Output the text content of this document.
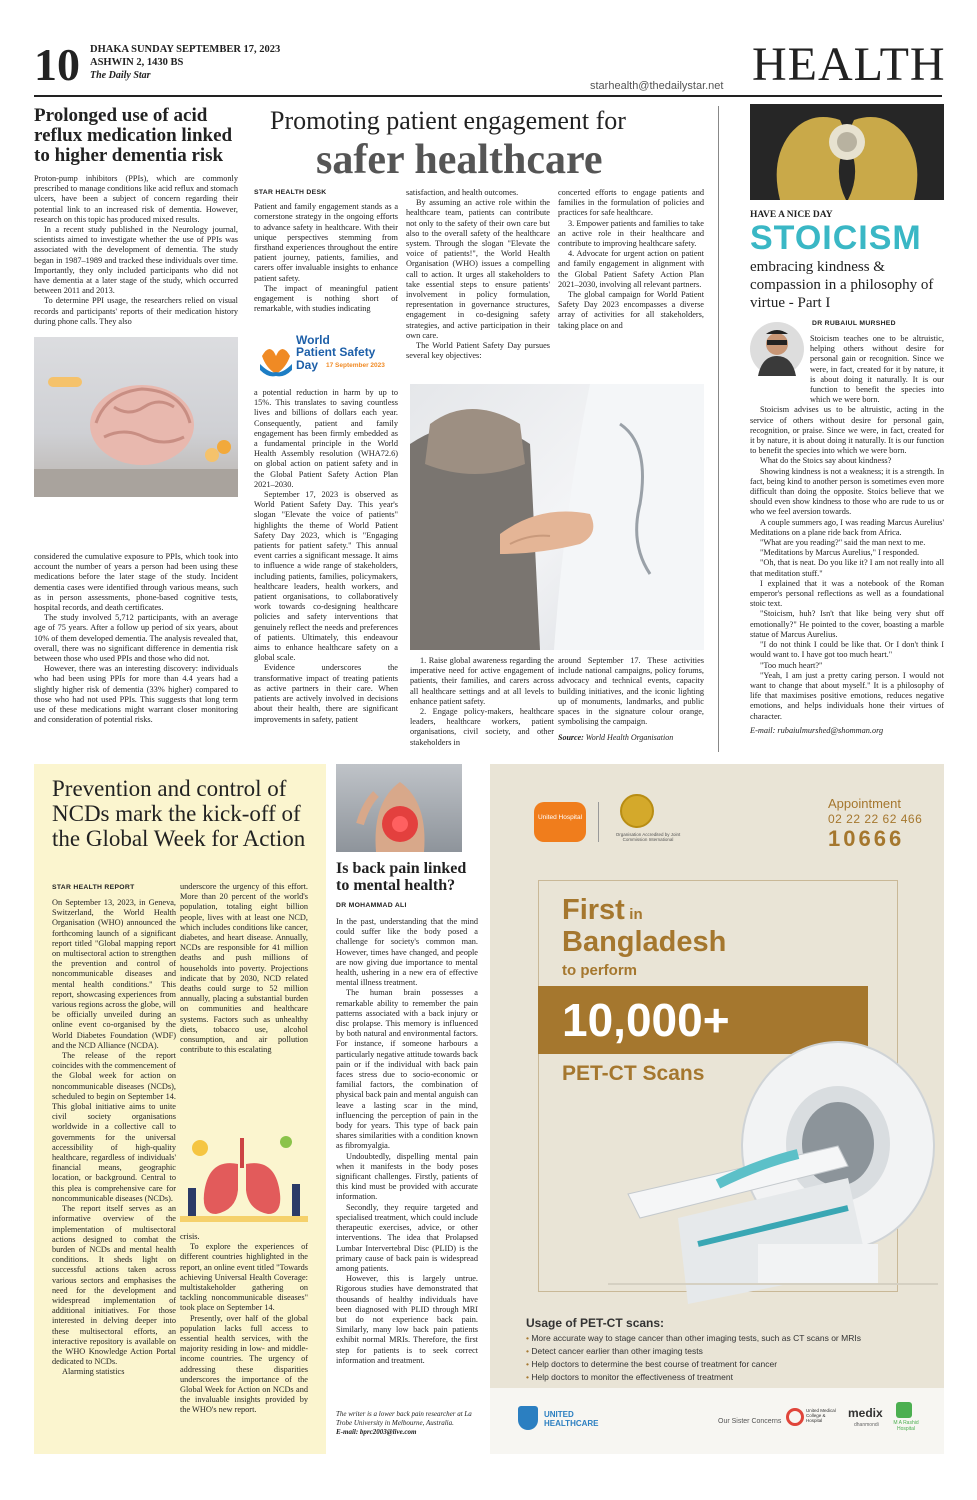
10 DHAKA SUNDAY SEPTEMBER 17, 2023
ASHWIN 2, 1430 BS
The Daily Star
starhealth@thedailystar.net HEALTH
Prolonged use of acid reflux medication linked to higher dementia risk

Proton-pump inhibitors (PPIs), which are commonly prescribed to manage conditions like acid reflux and stomach ulcers, have been a subject of concern regarding their potential link to an increased risk of dementia. However, research on this topic has produced mixed results.

In a recent study published in the Neurology journal, scientists aimed to investigate whether the use of PPIs was associated with the development of dementia. The study began in 1987–1989 and tracked these individuals over time. Importantly, they only included participants who did not have dementia at a later stage of the study, which occurred between 2011 and 2013.

To determine PPI usage, the researchers relied on visual records and participants' reports of their medication history during phone calls. They also

considered the cumulative exposure to PPIs, which took into account the number of years a person had been using these medications before the later stage of the study. Incident dementia cases were identified through various means, such as in person assessments, phone-based cognitive tests, hospital records, and death certificates.

The study involved 5,712 participants, with an average age of 75 years. After a follow up period of six years, about 10% of them developed dementia. The analysis revealed that, overall, there was no significant difference in dementia risk between those who used PPIs and those who did not.

However, there was an interesting discovery: individuals who had been using PPIs for more than 4.4 years had a slightly higher risk of dementia (33% higher) compared to those who had not used PPIs. This suggests that long term use of these medications might warrant closer monitoring and consideration of potential risks.

Promoting patient engagement for
safer healthcare
STAR HEALTH DESK

Patient and family engagement stands as a cornerstone strategy in the ongoing efforts to advance safety in healthcare. With their unique perspectives stemming from firsthand experiences throughout the entire patient journey, patients, families, and carers offer invaluable insights to enhance patient safety.

The impact of meaningful patient engagement is nothing short of remarkable, with studies indicating

World
Patient Safety
Day 17 September 2023

satisfaction, and health outcomes.

By assuming an active role within the healthcare team, patients can contribute not only to the safety of their own care but also to the overall safety of the healthcare system. Through the slogan "Elevate the voice of patients!", the World Health Organisation (WHO) issues a compelling call to action. It urges all stakeholders to take essential steps to ensure patients' involvement in policy formulation, representation in governance structures, engagement in co-designing safety strategies, and active participation in their own care.

The World Patient Safety Day pursues several key objectives:

concerted efforts to engage patients and families in the formulation of policies and practices for safe healthcare.

3. Empower patients and families to take an active role in their healthcare and contribute to improving healthcare safety.

4. Advocate for urgent action on patient and family engagement in alignment with the Global Patient Safety Action Plan 2021–2030, involving all relevant partners.

The global campaign for World Patient Safety Day 2023 encompasses a diverse array of activities for all stakeholders, taking place on and

a potential reduction in harm by up to 15%. This translates to saving countless lives and billions of dollars each year. Consequently, patient and family engagement has been firmly embedded as a fundamental principle in the World Health Assembly resolution (WHA72.6) on global action on patient safety and in the Global Patient Safety Action Plan 2021–2030.

September 17, 2023 is observed as World Patient Safety Day. This year's slogan "Elevate the voice of patients" highlights the theme of World Patient Safety Day 2023, which is "Engaging patients for patient safety." This annual event carries a significant message. It aims to influence a wide range of stakeholders, including patients, families, policymakers, healthcare leaders, health workers, and patient organisations, to collaboratively work towards co-designing healthcare policies and safety interventions that genuinely reflect the needs and preferences of patients. Ultimately, this endeavour aims to enhance healthcare safety on a global scale.

Evidence underscores the transformative impact of treating patients as active partners in their care. When patients are actively involved in decisions about their health, there are significant improvements in safety, patient

1. Raise global awareness regarding the imperative need for active engagement of patients, their families, and carers across all healthcare settings and at all levels to enhance patient safety.

2. Engage policy-makers, healthcare leaders, healthcare workers, patient organisations, civil society, and other stakeholders in

around September 17. These activities include national campaigns, policy forums, advocacy and technical events, capacity building initiatives, and the iconic lighting up of monuments, landmarks, and public spaces in the signature colour orange, symbolising the campaign.

Source: World Health Organisation
HAVE A NICE DAY
STOICISM
embracing kindness & compassion in a philosophy of virtue - Part I
DR RUBAIUL MURSHED

Stoicism teaches one to be altruistic, helping others without desire for personal gain or recognition. Since we were, in fact, created for it by nature, it is about doing it naturally. It is our function to benefit the species into which we were born.

Stoicism advises us to be altruistic, acting in the service of others without desire for personal gain, recognition, or praise. Since we were, in fact, created for it by nature, it is about doing it naturally. It is our function to benefit the species into which we were born.

What do the Stoics say about kindness?

Showing kindness is not a weakness; it is a strength. In fact, being kind to another person is sometimes even more difficult than doing the opposite. Stoics believe that we should even show kindness to those who are rude to us or who we feel aversion towards.

A couple summers ago, I was reading Marcus Aurelius' Meditations on a plane ride back from Africa.

"What are you reading?" said the man next to me.

"Meditations by Marcus Aurelius," I responded.

"Oh, that is neat. Do you like it? I am not really into all that meditation stuff."

I explained that it was a notebook of the Roman emperor's personal reflections as well as a foundational stoic text.

"Stoicism, huh? Isn't that like being very shut off emotionally?" He pointed to the cover, boasting a marble statue of Marcus Aurelius.

"I do not think I could be like that. Or I don't think I would want to. I have got too much heart."

"Too much heart?"

"Yeah, I am just a pretty caring person. I would not want to change that about myself." It is a philosophy of life that maximises positive emotions, reduces negative emotions, and helps individuals hone their virtues of character.

E-mail: rubaiulmurshed@shomman.org
Prevention and control of NCDs mark the kick-off of the Global Week for Action
STAR HEALTH REPORT

On September 13, 2023, in Geneva, Switzerland, the World Health Organisation (WHO) announced the forthcoming launch of a significant report titled "Global mapping report on multisectoral action to strengthen the prevention and control of noncommunicable diseases and mental health conditions." This report, showcasing experiences from various regions across the globe, will be officially unveiled during an online event co-organised by the World Diabetes Foundation (WDF) and the NCD Alliance (NCDA).

The release of the report coincides with the commencement of the Global week for action on noncommunicable diseases (NCDs), scheduled to begin on September 14. This global initiative aims to unite civil society organisations worldwide in a collective call to governments for the universal accessibility of high-quality healthcare, regardless of individuals' financial means, geographic location, or background. Central to this plea is comprehensive care for noncommunicable diseases (NCDs).

The report itself serves as an informative overview of the implementation of multisectoral actions designed to combat the burden of NCDs and mental health conditions. It sheds light on successful actions taken across various sectors and emphasises the need for the development and widespread implementation of additional initiatives. For those interested in delving deeper into these multisectoral efforts, an interactive repository is available on the WHO Knowledge Action Portal dedicated to NCDs.

Alarming statistics

underscore the urgency of this effort. More than 20 percent of the world's population, totaling eight billion people, lives with at least one NCD, which includes conditions like cancer, diabetes, and heart disease. Annually, NCDs are responsible for 41 million deaths and push millions of households into poverty. Projections indicate that by 2030, NCD related deaths could surge to 52 million annually, placing a substantial burden on communities and healthcare systems. Factors such as unhealthy diets, tobacco use, alcohol consumption, and air pollution contribute to this escalating

crisis.

To explore the experiences of different countries highlighted in the report, an online event titled "Towards achieving Universal Health Coverage: multistakeholder gathering on tackling noncommunicable diseases" took place on September 14.

Presently, over half of the global population lacks full access to essential health services, with the majority residing in low- and middle-income countries. The urgency of addressing these disparities underscores the importance of the Global Week for Action on NCDs and the invaluable insights provided by the WHO's new report.

Is back pain linked to mental health?
DR MOHAMMAD ALI

In the past, understanding that the mind could suffer like the body posed a challenge for society's common man. However, times have changed, and people are now giving due importance to mental health, ushering in a new era of effective mental illness treatment.

The human brain possesses a remarkable ability to remember the pain patterns associated with a back injury or disc prolapse. This memory is influenced by both natural and environmental factors. For instance, if someone harbours a particularly negative attitude towards back pain or if the individual with back pain faces stress due to socio-economic or familial factors, the combination of physical back pain and mental anguish can leave a lasting scar in the mind, influencing the perception of pain in the body for years. This type of back pain shares similarities with a condition known as fibromyalgia.

Undoubtedly, dispelling mental pain when it manifests in the body poses significant challenges. Firstly, patients of this kind must be provided with accurate information.

Secondly, they require targeted and specialised treatment, which could include therapeutic exercises, advice, or other interventions. The idea that Prolapsed Lumbar Intervertebral Disc (PLID) is the primary cause of back pain is widespread among patients.

However, this is largely untrue. Rigorous studies have demonstrated that thousands of healthy individuals have been diagnosed with PLID through MRI but do not experience back pain. Similarly, many low back pain patients exhibit normal MRIs. Therefore, the first step for patients is to seek correct information and treatment.

The writer is a lower back pain researcher at La Trobe University in Melbourne, Australia.
E-mail: bprc2003@live.com
United Hospital
Organisation Accredited by Joint Commission International
Appointment
02 22 22 62 466
10666
First in
Bangladesh
to perform
10,000+
PET-CT Scans
Usage of PET-CT scans:
• More accurate way to stage cancer than other imaging tests, such as CT scans or MRIs
• Detect cancer earlier than other imaging tests
• Help doctors to determine the best course of treatment for cancer
• Help doctors to monitor the effectiveness of treatment
UNITED HEALTHCARE	Our Sister Concerns
United Medical College & Hospital
medix
dhanmondi	M A Rashid Hospital
